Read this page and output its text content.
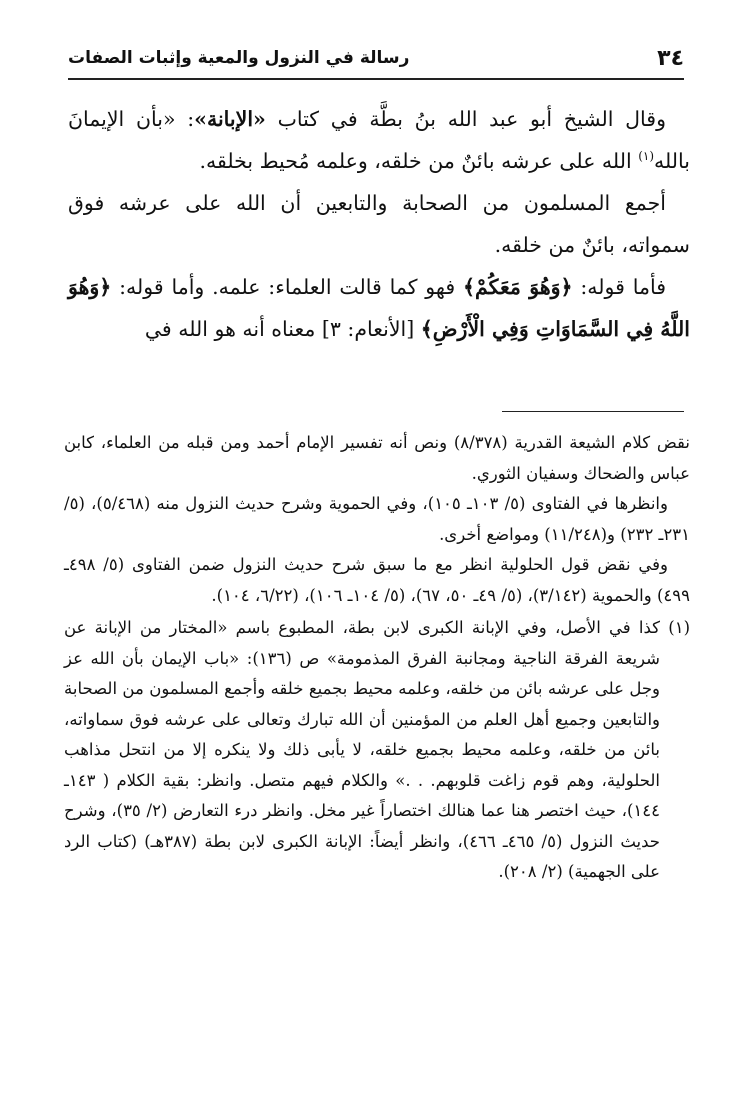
٣٤
رسالة في النزول والمعية وإثبات الصفات

وقال الشيخ أبو عبد الله بنُ بطَّة في كتاب «الإبانة»: «بأن الإيمانَ بالله$^{(١)}$ الله على عرشه بائنٌ من خلقه، وعلمه مُحيط بخلقه.

أجمع المسلمون من الصحابة والتابعين أن الله على عرشه فوق سمواته، بائنٌ من خلقه.

فأما قوله: ﴿وَهُوَ مَعَكُمْ﴾ فهو كما قالت العلماء: علمه. وأما قوله: ﴿وَهُوَ اللَّهُ فِي السَّمَاوَاتِ وَفِي الْأَرْضِ﴾ [الأنعام: ٣] معناه أنه هو الله في

نقض كلام الشيعة القدرية (٨/٣٧٨) ونص أنه تفسير الإمام أحمد ومن قبله من العلماء، كابن عباس والضحاك وسفيان الثوري.

وانظرها في الفتاوى (٥/ ١٠٣ـ ١٠٥)، وفي الحموية وشرح حديث النزول منه (٥/٤٦٨)، (٥/ ٢٣١ـ ٢٣٢) و(١١/٢٤٨) ومواضع أخرى.

وفي نقض قول الحلولية انظر مع ما سبق شرح حديث النزول ضمن الفتاوى (٥/ ٤٩٨ـ ٤٩٩) والحموية (٣/١٤٢)، (٥/ ٤٩ـ ٥٠، ٦٧)، (٥/ ١٠٤ـ ١٠٦)، (٦/٢٢، ١٠٤).

(١)
كذا في الأصل، وفي الإبانة الكبرى لابن بطة، المطبوع باسم «المختار من الإبانة عن شريعة الفرقة الناجية ومجانبة الفرق المذمومة» ص (١٣٦): «باب الإيمان بأن الله عز وجل على عرشه بائن من خلقه، وعلمه محيط بجميع خلقه وأجمع المسلمون من الصحابة والتابعين وجميع أهل العلم من المؤمنين أن الله تبارك وتعالى على عرشه فوق سماواته، بائن من خلقه، وعلمه محيط بجميع خلقه، لا يأبى ذلك ولا ينكره إلا من انتحل مذاهب الحلولية، وهم قوم زاغت قلوبهم. . .» والكلام فيهم متصل. وانظر: بقية الكلام ( ١٤٣ـ ١٤٤)، حيث اختصر هنا عما هنالك اختصاراً غير مخل. وانظر درء التعارض (٢/ ٣٥)، وشرح حديث النزول (٥/ ٤٦٥ـ ٤٦٦)، وانظر أيضاً: الإبانة الكبرى لابن بطة (٣٨٧هـ) (كتاب الرد على الجهمية) (٢/ ٢٠٨).
